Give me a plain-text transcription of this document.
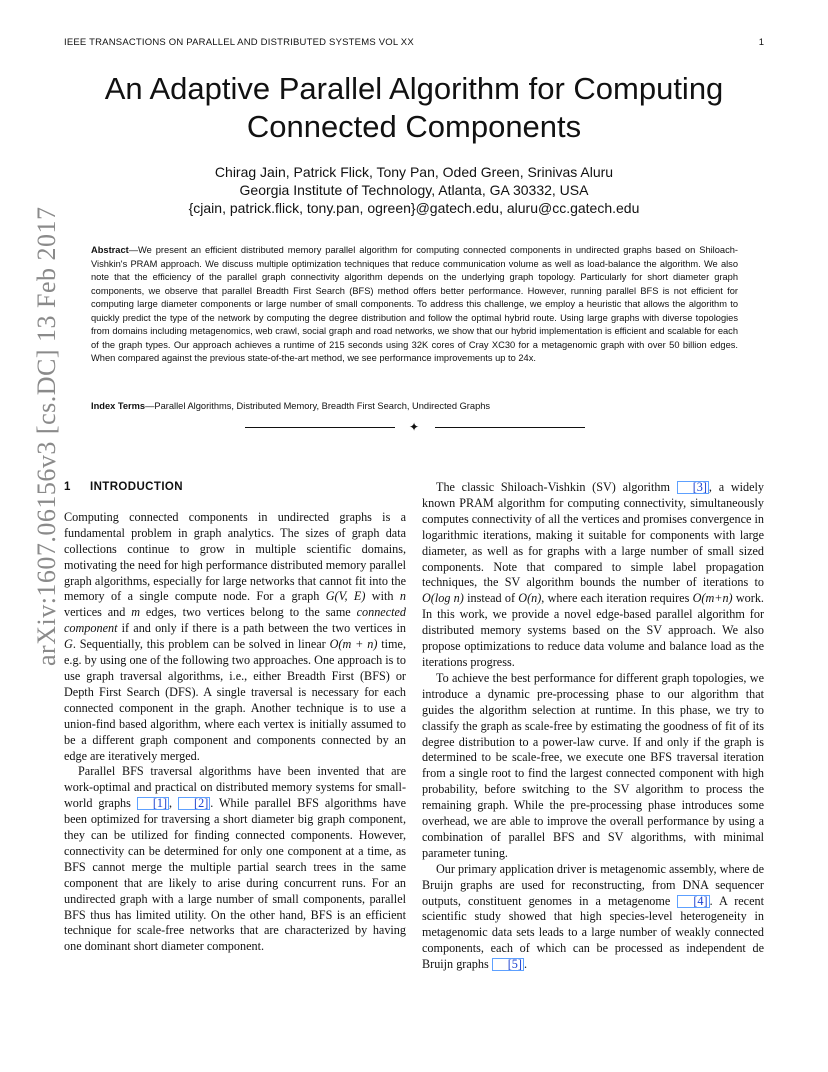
IEEE TRANSACTIONS ON PARALLEL AND DISTRIBUTED SYSTEMS VOL XX	1
An Adaptive Parallel Algorithm for Computing
Connected Components
Chirag Jain, Patrick Flick, Tony Pan, Oded Green, Srinivas Aluru
Georgia Institute of Technology, Atlanta, GA 30332, USA
{cjain, patrick.flick, tony.pan, ogreen}@gatech.edu, aluru@cc.gatech.edu
Abstract—We present an efficient distributed memory parallel algorithm for computing connected components in undirected graphs based on Shiloach-Vishkin's PRAM approach. We discuss multiple optimization techniques that reduce communication volume as well as load-balance the algorithm. We also note that the efficiency of the parallel graph connectivity algorithm depends on the underlying graph topology. Particularly for short diameter graph components, we observe that parallel Breadth First Search (BFS) method offers better performance. However, running parallel BFS is not efficient for computing large diameter components or large number of small components. To address this challenge, we employ a heuristic that allows the algorithm to quickly predict the type of the network by computing the degree distribution and follow the optimal hybrid route. Using large graphs with diverse topologies from domains including metagenomics, web crawl, social graph and road networks, we show that our hybrid implementation is efficient and scalable for each of the graph types. Our approach achieves a runtime of 215 seconds using 32K cores of Cray XC30 for a metagenomic graph with over 50 billion edges. When compared against the previous state-of-the-art method, we see performance improvements up to 24x.
Index Terms—Parallel Algorithms, Distributed Memory, Breadth First Search, Undirected Graphs
✦
arXiv:1607.06156v3 [cs.DC] 13 Feb 2017 1	INTRODUCTION

Computing connected components in undirected graphs is a fundamental problem in graph analytics. The sizes of graph data collections continue to grow in multiple scientific domains, motivating the need for high performance distributed memory parallel graph algorithms, especially for large networks that cannot fit into the memory of a single compute node. For a graph G(V, E) with n vertices and m edges, two vertices belong to the same connected component if and only if there is a path between the two vertices in G. Sequentially, this problem can be solved in linear O(m + n) time, e.g. by using one of the following two approaches. One approach is to use graph traversal algorithms, i.e., either Breadth First (BFS) or Depth First Search (DFS). A single traversal is necessary for each connected component in the graph. Another technique is to use a union-find based algorithm, where each vertex is initially assumed to be a different graph component and components connected by an edge are iteratively merged.

Parallel BFS traversal algorithms have been invented that are work-optimal and practical on distributed memory systems for small-world graphs [1] , [2] . While parallel BFS algorithms have been optimized for traversing a short diameter big graph component, they can be utilized for finding connected components. However, connectivity can be determined for only one component at a time, as BFS cannot merge the multiple partial search trees in the same component that are likely to arise during concurrent runs. For an undirected graph with a large number of small components, parallel BFS thus has limited utility. On the other hand, BFS is an efficient technique for scale-free networks that are characterized by having one dominant short diameter component.

The classic Shiloach-Vishkin (SV) algorithm [3] , a widely known PRAM algorithm for computing connectivity, simultaneously computes connectivity of all the vertices and promises convergence in logarithmic iterations, making it suitable for components with large diameter, as well as for graphs with a large number of small sized components. Note that compared to simple label propagation techniques, the SV algorithm bounds the number of iterations to O(log n) instead of O(n), where each iteration requires O(m+n) work. In this work, we provide a novel edge-based parallel algorithm for distributed memory systems based on the SV approach. We also propose optimizations to reduce data volume and balance load as the iterations progress.

To achieve the best performance for different graph topologies, we introduce a dynamic pre-processing phase to our algorithm that guides the algorithm selection at runtime. In this phase, we try to classify the graph as scale-free by estimating the goodness of fit of its degree distribution to a power-law curve. If and only if the graph is determined to be scale-free, we execute one BFS traversal iteration from a single root to find the largest connected component with high probability, before switching to the SV algorithm to process the remaining graph. While the pre-processing phase introduces some overhead, we are able to improve the overall performance by using a combination of parallel BFS and SV algorithms, with minimal parameter tuning.

Our primary application driver is metagenomic assembly, where de Bruijn graphs are used for reconstructing, from DNA sequencer outputs, constituent genomes in a metagenome [4] . A recent scientific study showed that high species-level heterogeneity in metagenomic data sets leads to a large number of weakly connected components, each of which can be processed as independent de Bruijn graphs [5] .
